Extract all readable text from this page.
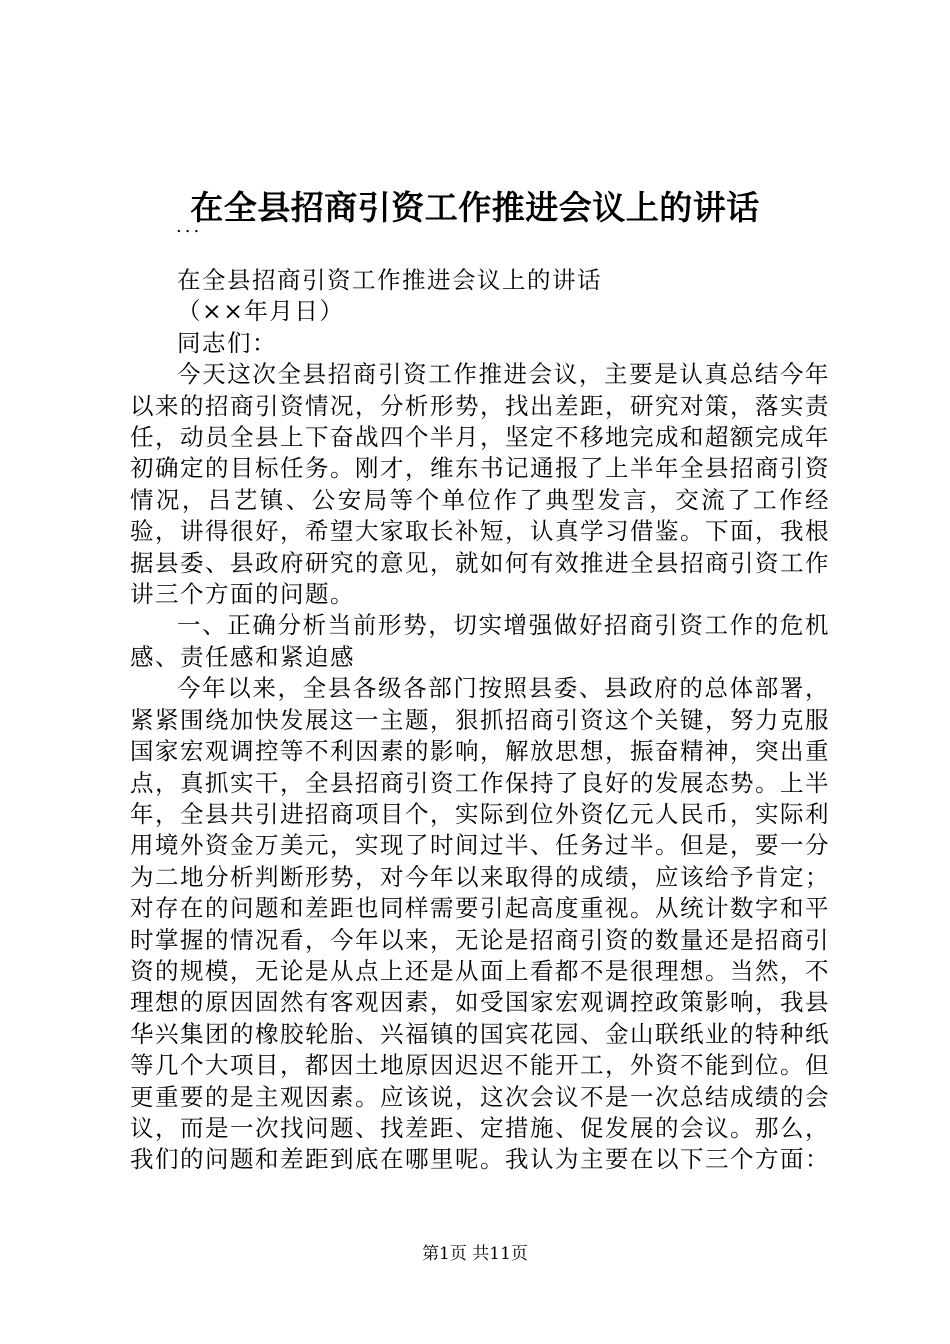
在全县招商引资工作推进会议上的讲话
...

在全县招商引资工作推进会议上的讲话

（××年月日）

同志们：

今天这次全县招商引资工作推进会议，主要是认真总结今年以来的招商引资情况，分析形势，找出差距，研究对策，落实责任，动员全县上下奋战四个半月，坚定不移地完成和超额完成年初确定的目标任务。刚才，维东书记通报了上半年全县招商引资情况，吕艺镇、公安局等个单位作了典型发言，交流了工作经验，讲得很好，希望大家取长补短，认真学习借鉴。下面，我根据县委、县政府研究的意见，就如何有效推进全县招商引资工作讲三个方面的问题。

一、正确分析当前形势，切实增强做好招商引资工作的危机感、责任感和紧迫感

今年以来，全县各级各部门按照县委、县政府的总体部署，紧紧围绕加快发展这一主题，狠抓招商引资这个关键，努力克服国家宏观调控等不利因素的影响，解放思想，振奋精神，突出重点，真抓实干，全县招商引资工作保持了良好的发展态势。上半年，全县共引进招商项目个，实际到位外资亿元人民币，实际利用境外资金万美元，实现了时间过半、任务过半。但是，要一分为二地分析判断形势，对今年以来取得的成绩，应该给予肯定；对存在的问题和差距也同样需要引起高度重视。从统计数字和平时掌握的情况看，今年以来，无论是招商引资的数量还是招商引资的规模，无论是从点上还是从面上看都不是很理想。当然，不理想的原因固然有客观因素，如受国家宏观调控政策影响，我县华兴集团的橡胶轮胎、兴福镇的国宾花园、金山联纸业的特种纸等几个大项目，都因土地原因迟迟不能开工，外资不能到位。但更重要的是主观因素。应该说，这次会议不是一次总结成绩的会议，而是一次找问题、找差距、定措施、促发展的会议。那么，我们的问题和差距到底在哪里呢。我认为主要在以下三个方面：

第1页 共11页
